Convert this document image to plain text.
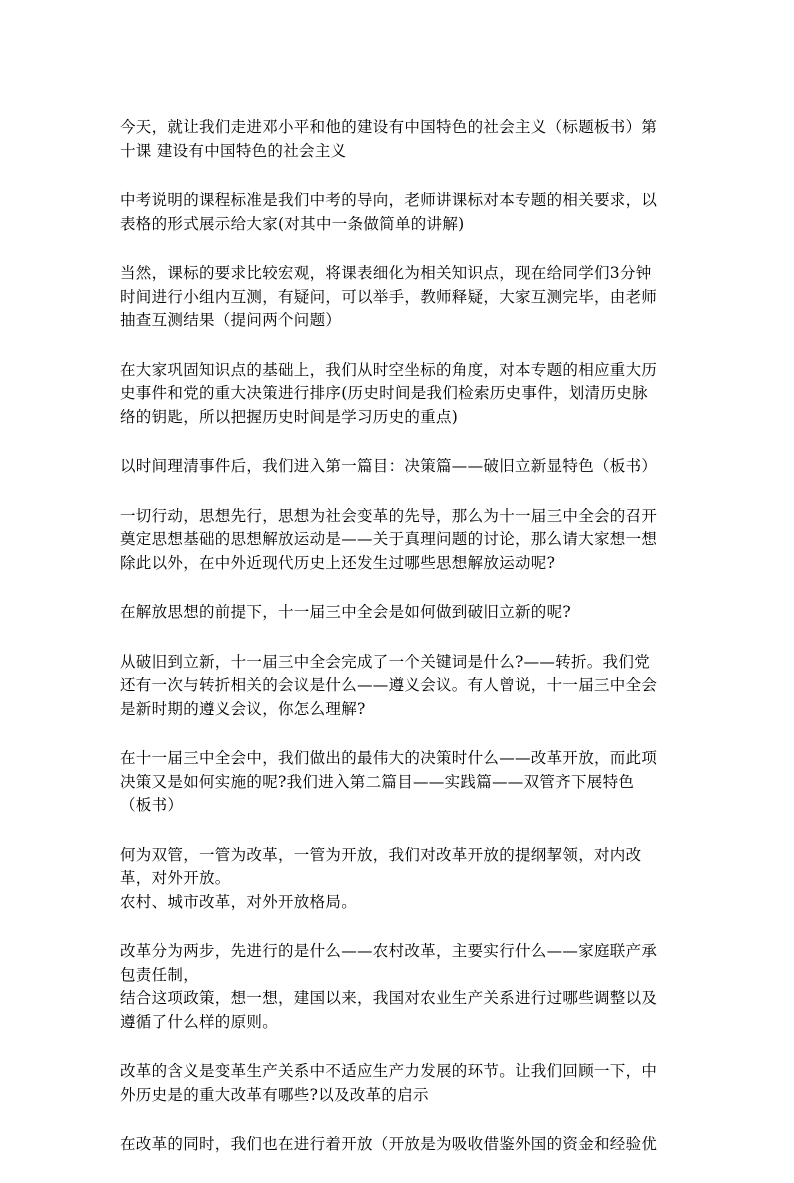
今天，就让我们走进邓小平和他的建设有中国特色的社会主义（标题板书）第
十课 建设有中国特色的社会主义

中考说明的课程标准是我们中考的导向，老师讲课标对本专题的相关要求，以
表格的形式展示给大家(对其中一条做简单的讲解)

当然，课标的要求比较宏观，将课表细化为相关知识点，现在给同学们3分钟
时间进行小组内互测，有疑问，可以举手，教师释疑，大家互测完毕，由老师
抽查互测结果（提问两个问题）

在大家巩固知识点的基础上，我们从时空坐标的角度，对本专题的相应重大历
史事件和党的重大决策进行排序(历史时间是我们检索历史事件，划清历史脉
络的钥匙，所以把握历史时间是学习历史的重点)

以时间理清事件后，我们进入第一篇目：决策篇——破旧立新显特色（板书）

一切行动，思想先行，思想为社会变革的先导，那么为十一届三中全会的召开
奠定思想基础的思想解放运动是——关于真理问题的讨论，那么请大家想一想
除此以外，在中外近现代历史上还发生过哪些思想解放运动呢?

在解放思想的前提下，十一届三中全会是如何做到破旧立新的呢?

从破旧到立新，十一届三中全会完成了一个关键词是什么?——转折。我们党
还有一次与转折相关的会议是什么——遵义会议。有人曾说，十一届三中全会
是新时期的遵义会议，你怎么理解?

在十一届三中全会中，我们做出的最伟大的决策时什么——改革开放，而此项
决策又是如何实施的呢?我们进入第二篇目——实践篇——双管齐下展特色
（板书）

何为双管，一管为改革，一管为开放，我们对改革开放的提纲挈领，对内改
革，对外开放。
农村、城市改革，对外开放格局。

改革分为两步，先进行的是什么——农村改革，主要实行什么——家庭联产承
包责任制，
结合这项政策，想一想，建国以来，我国对农业生产关系进行过哪些调整以及
遵循了什么样的原则。

改革的含义是变革生产关系中不适应生产力发展的环节。让我们回顾一下，中
外历史是的重大改革有哪些?以及改革的启示

在改革的同时，我们也在进行着开放（开放是为吸收借鉴外国的资金和经验优
